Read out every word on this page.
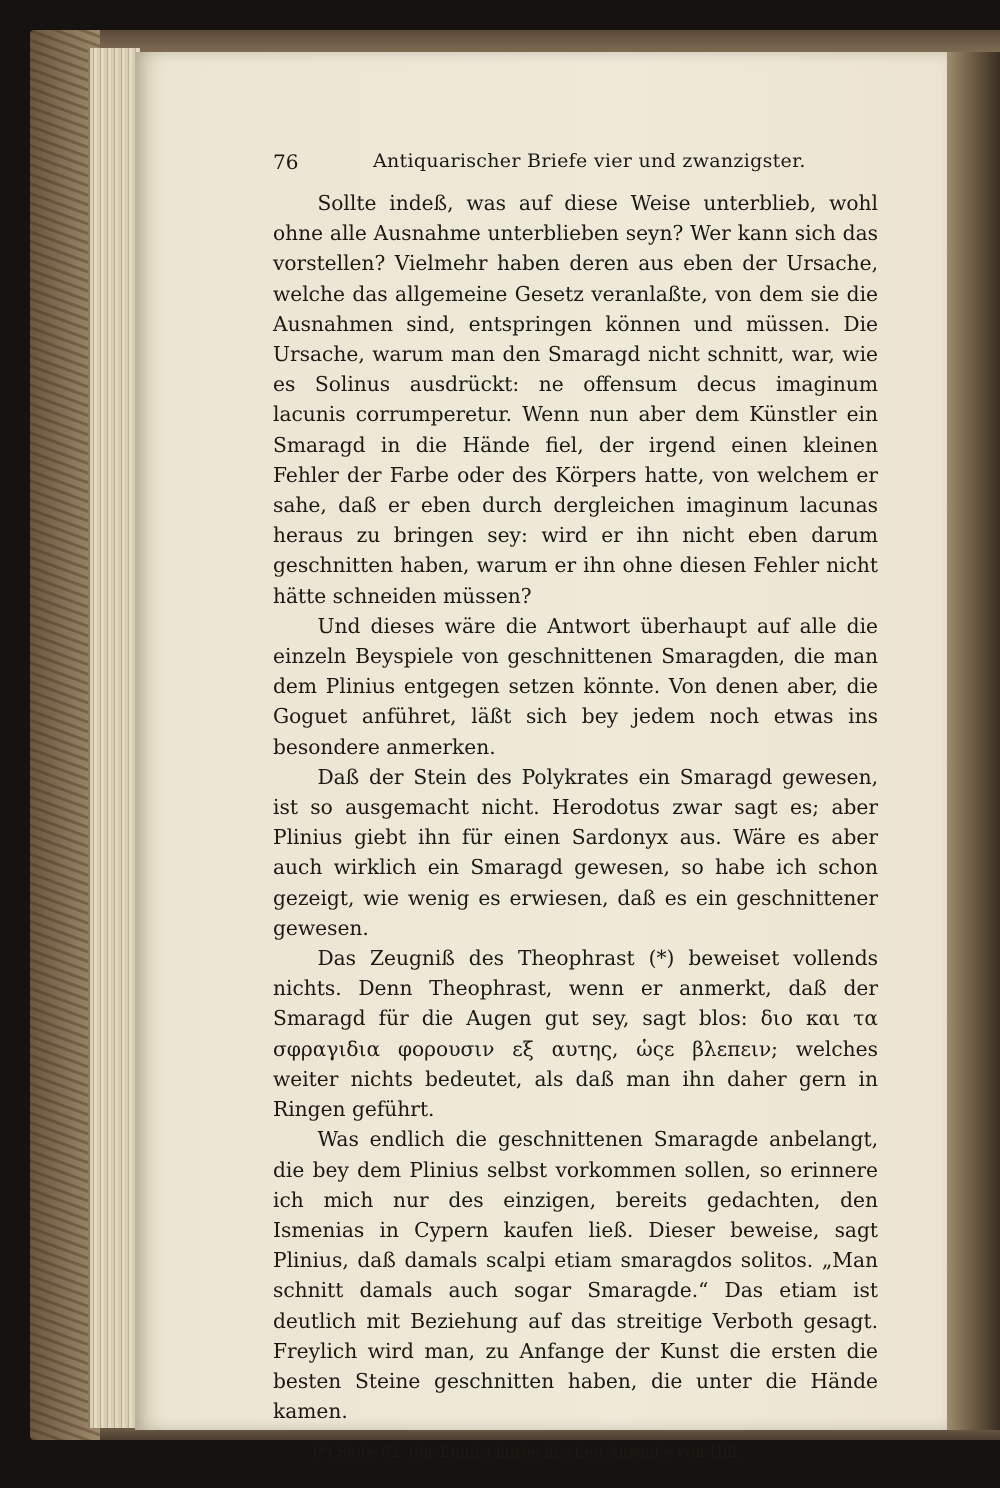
76	Antiquarischer Briefe vier und zwanzigster.

Sollte indeß, was auf diese Weise unterblieb, wohl ohne alle Ausnahme unterblieben seyn? Wer kann sich das vorstellen? Vielmehr haben deren aus eben der Ursache, welche das allgemeine Gesetz veranlaßte, von dem sie die Ausnahmen sind, entspringen können und müssen. Die Ursache, warum man den Smaragd nicht schnitt, war, wie es Solinus ausdrückt: ne offensum decus imaginum lacunis corrumperetur. Wenn nun aber dem Künstler ein Smaragd in die Hände fiel, der irgend einen kleinen Fehler der Farbe oder des Körpers hatte, von welchem er sahe, daß er eben durch dergleichen imaginum lacunas heraus zu bringen sey: wird er ihn nicht eben darum geschnitten haben, warum er ihn ohne diesen Fehler nicht hätte schneiden müssen?

Und dieses wäre die Antwort überhaupt auf alle die einzeln Beyspiele von geschnittenen Smaragden, die man dem Plinius entgegen setzen könnte. Von denen aber, die Goguet anführet, läßt sich bey jedem noch etwas ins besondere anmerken.

Daß der Stein des Polykrates ein Smaragd gewesen, ist so ausgemacht nicht. Herodotus zwar sagt es; aber Plinius giebt ihn für einen Sardonyx aus. Wäre es aber auch wirklich ein Smaragd gewesen, so habe ich schon gezeigt, wie wenig es erwiesen, daß es ein geschnittener gewesen.

Das Zeugniß des Theophrast (*) beweiset vollends nichts. Denn Theophrast, wenn er anmerkt, daß der Smaragd für die Augen gut sey, sagt blos: διο και τα σφραγιδια φορουσιν εξ αυτης, ὡςε βλεπειν; welches weiter nichts bedeutet, als daß man ihn daher gern in Ringen geführt.

Was endlich die geschnittenen Smaragde anbelangt, die bey dem Plinius selbst vorkommen sollen, so erinnere ich mich nur des einzigen, bereits gedachten, den Ismenias in Cypern kaufen ließ. Dieser beweise, sagt Plinius, daß damals scalpi etiam smaragdos solitos. „Man schnitt damals auch sogar Smaragde.“ Das etiam ist deutlich mit Beziehung auf das streitige Verboth gesagt. Freylich wird man, zu Anfange der Kunst die ersten die besten Steine geschnitten haben, die unter die Hände kamen.

(*) Seite 62. der Englischgriechischen Ausgabe von Hill.
